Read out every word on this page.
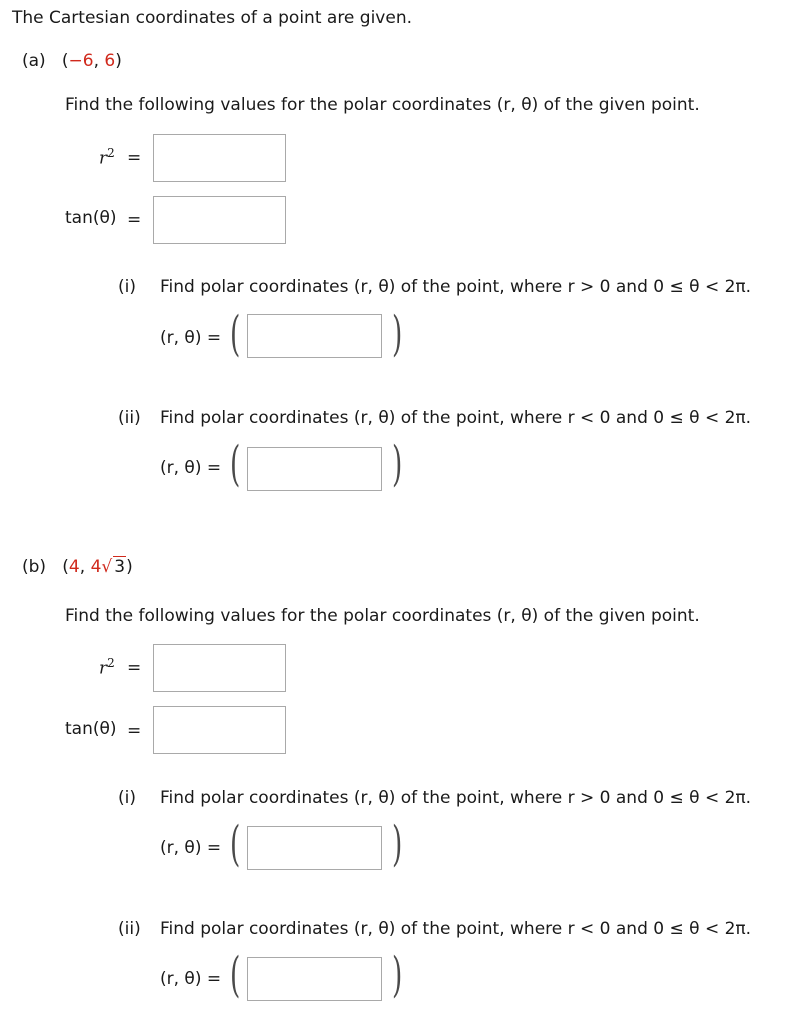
The Cartesian coordinates of a point are given.
(a) (−6, 6)
Find the following values for the polar coordinates (r, θ) of the given point.
$r^2$ =
tan(θ) =
(i) Find polar coordinates (r, θ) of the point, where r > 0 and 0 ≤ θ < 2π.
(r, θ) = (	)
(ii) Find polar coordinates (r, θ) of the point, where r < 0 and 0 ≤ θ < 2π.
(r, θ) = (	)
(b) (4, 4√ 3)
Find the following values for the polar coordinates (r, θ) of the given point.
$r^2$ =
tan(θ) =
(i) Find polar coordinates (r, θ) of the point, where r > 0 and 0 ≤ θ < 2π.
(r, θ) = (	)
(ii) Find polar coordinates (r, θ) of the point, where r < 0 and 0 ≤ θ < 2π.
(r, θ) = (	)
